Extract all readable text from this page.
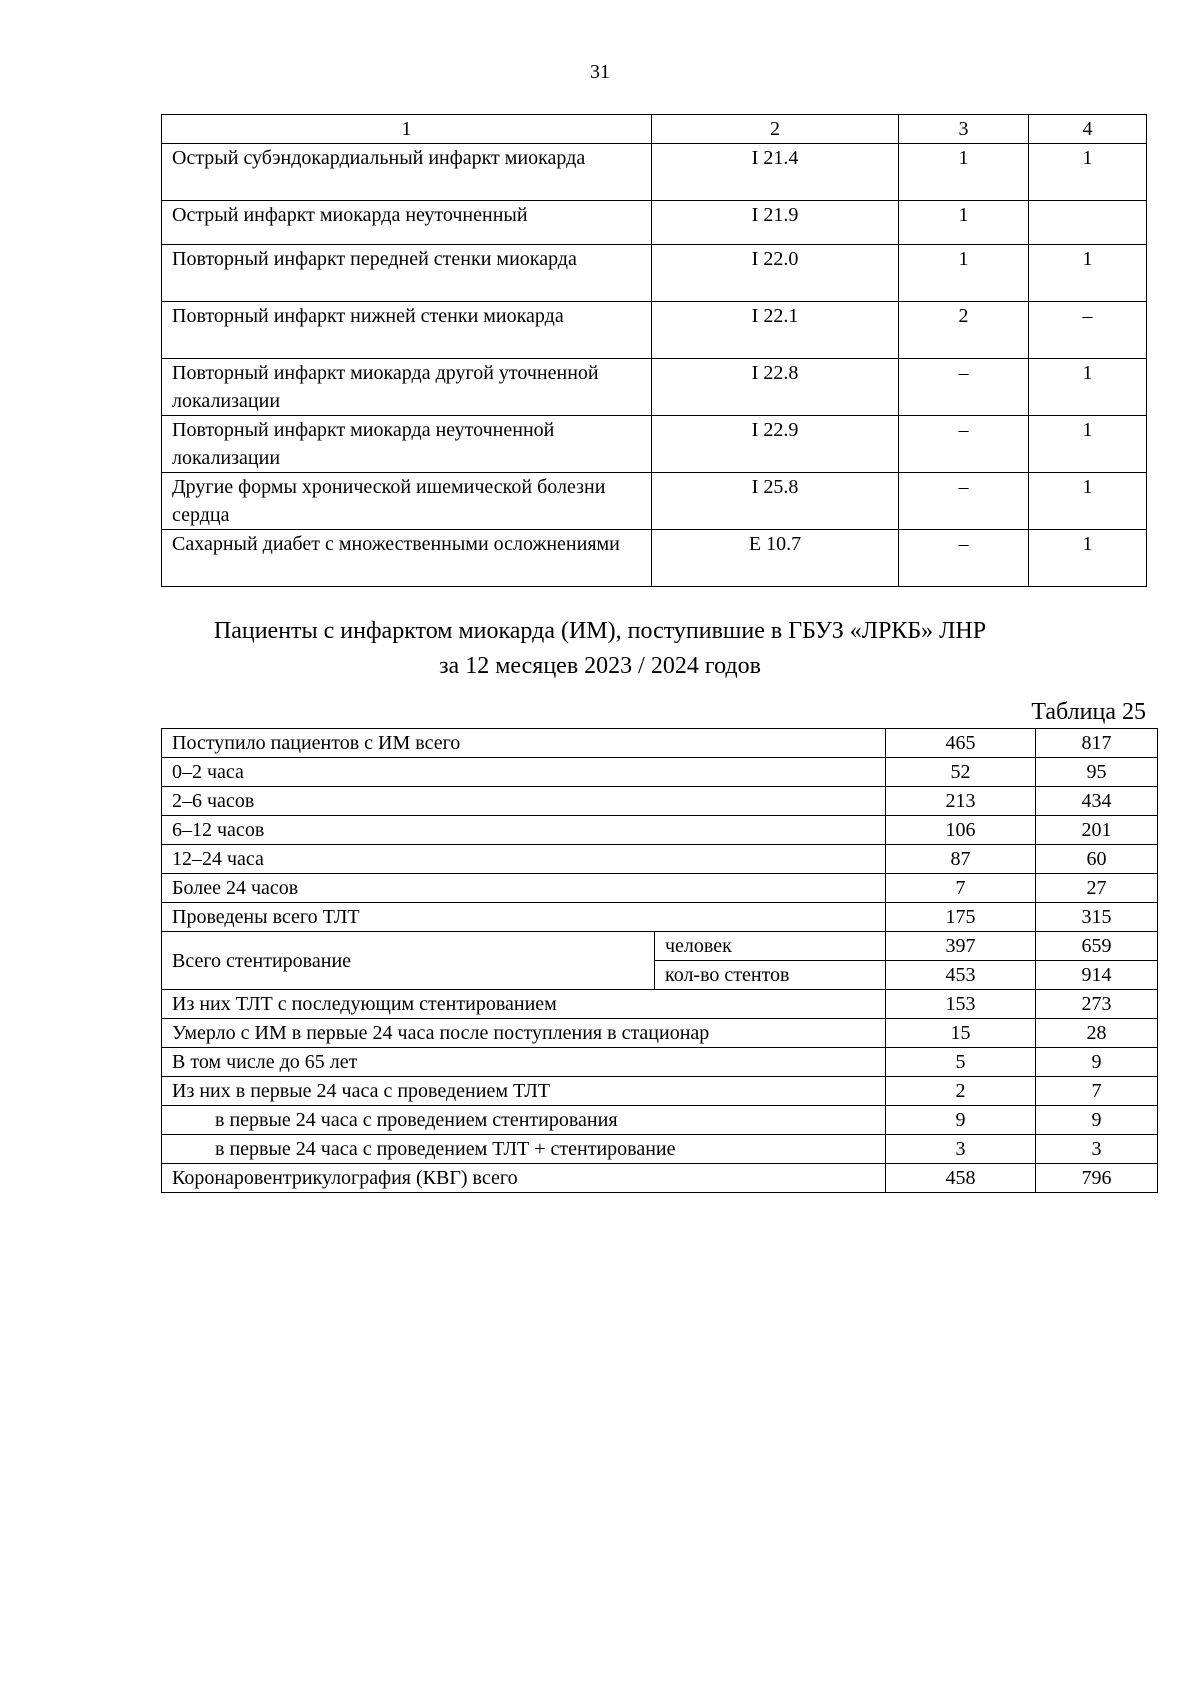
31
1	2	3	4
Острый субэндокардиальный инфаркт миокарда	I 21.4	1	1
Острый инфаркт миокарда неуточненный	I 21.9	1	
Повторный инфаркт передней стенки миокарда	I 22.0	1	1
Повторный инфаркт нижней стенки миокарда	I 22.1	2	–
Повторный инфаркт миокарда другой уточненной локализации	I 22.8	–	1
Повторный инфаркт миокарда неуточненной локализации	I 22.9	–	1
Другие формы хронической ишемической болезни сердца	I 25.8	–	1
Сахарный диабет с множественными осложнениями	E 10.7	–	1
Пациенты с инфарктом миокарда (ИМ), поступившие в ГБУЗ «ЛРКБ» ЛНР
за 12 месяцев 2023 / 2024 годов
Таблица 25
Поступило пациентов с ИМ всего		465	817
0–2 часа		52	95
2–6 часов		213	434
6–12 часов		106	201
12–24 часа		87	60
Более 24 часов		7	27
Проведены всего ТЛТ		175	315
Всего стентирование	человек	397	659
	кол-во стентов	453	914
Из них ТЛТ с последующим стентированием		153	273
Умерло с ИМ в первые 24 часа после поступления в стационар		15	28
В том числе до 65 лет		5	9
Из них в первые 24 часа с проведением ТЛТ		2	7
в первые 24 часа с проведением стентирования		9	9
в первые 24 часа с проведением ТЛТ + стентирование		3	3
Коронаровентрикулография (КВГ) всего		458	796
